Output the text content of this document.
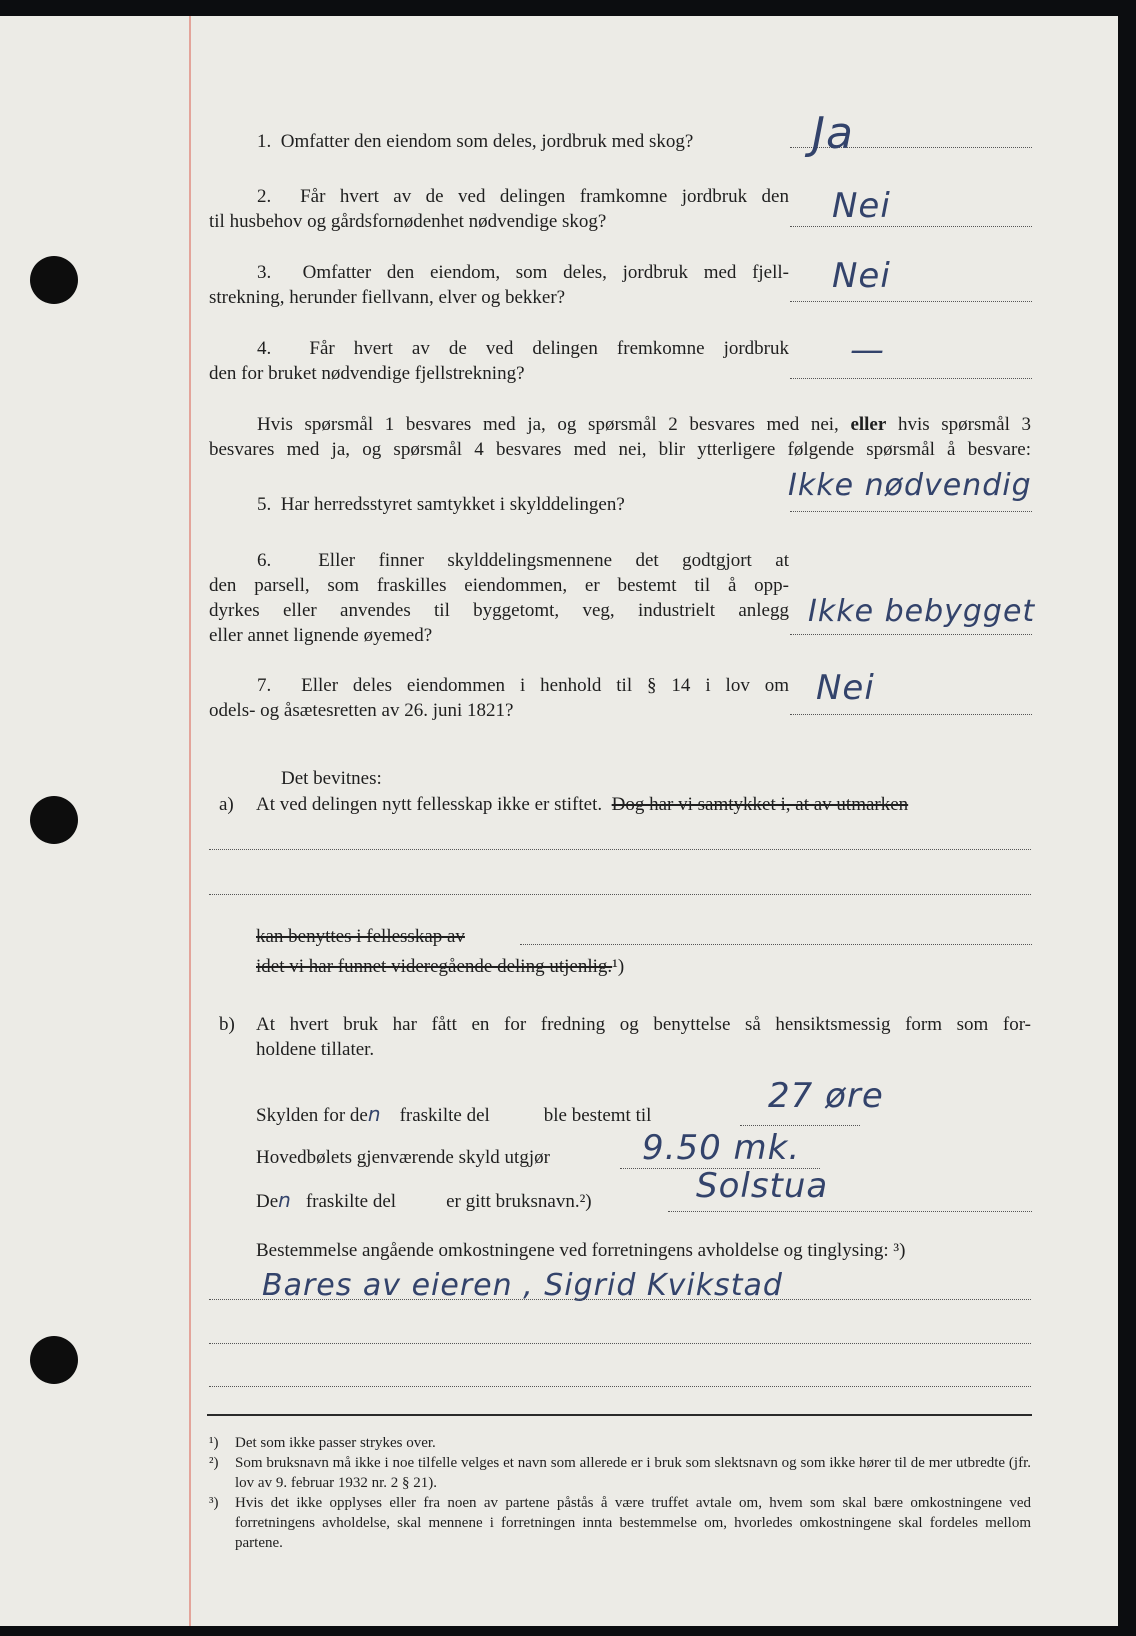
1. Omfatter den eiendom som deles, jordbruk med skog?	Ja
2. Får hvert av de ved delingen framkomne jordbruk den
til husbehov og gårdsfornødenhet nødvendige skog?	Nei
3. Omfatter den eiendom, som deles, jordbruk med fjell-
strekning, herunder fiellvann, elver og bekker?
Nei
4. Får hvert av de ved delingen fremkomne jordbruk
den for bruket nødvendige fjellstrekning?
—
Hvis spørsmål 1 besvares med ja, og spørsmål 2 besvares med nei, eller hvis spørsmål 3
besvares med ja, og spørsmål 4 besvares med nei, blir ytterligere følgende spørsmål å besvare:
5. Har herredsstyret samtykket i skylddelingen?
Ikke nødvendig
6. Eller finner skylddelingsmennene det godtgjort at
den parsell, som fraskilles eiendommen, er bestemt til å opp-
dyrkes eller anvendes til byggetomt, veg, industrielt anlegg
eller annet lignende øyemed?
Ikke bebygget
7. Eller deles eiendommen i henhold til § 14 i lov om
odels- og åsætesretten av 26. juni 1821?
Nei
Det bevitnes:
a) At ved delingen nytt fellesskap ikke er stiftet. Dog har vi samtykket i, at av utmarken
kan benyttes i fellesskap av
idet vi har funnet videregående deling utjenlig.¹)
b) At hvert bruk har fått en for fredning og benyttelse så hensiktsmessig form som for-
holdene tillater.
Skylden for den fraskilte del	ble bestemt til	27 øre
Hovedbølets gjenværende skyld utgjør	9.50 mk.
Den fraskilte del	er gitt bruksnavn.²)	Solstua
Bestemmelse angående omkostningene ved forretningens avholdelse og tinglysing: ³)
Bares av eieren , Sigrid Kvikstad
¹)	Det som ikke passer strykes over.
²)	Som bruksnavn må ikke i noe tilfelle velges et navn som allerede er i bruk som slektsnavn og som ikke hører til de mer utbredte (jfr. lov av 9. februar 1932 nr. 2 § 21).
³)	Hvis det ikke opplyses eller fra noen av partene påstås å være truffet avtale om, hvem som skal bære omkostningene ved forretningens avholdelse, skal mennene i forretningen innta bestemmelse om, hvorledes omkostningene skal fordeles mellom partene.
